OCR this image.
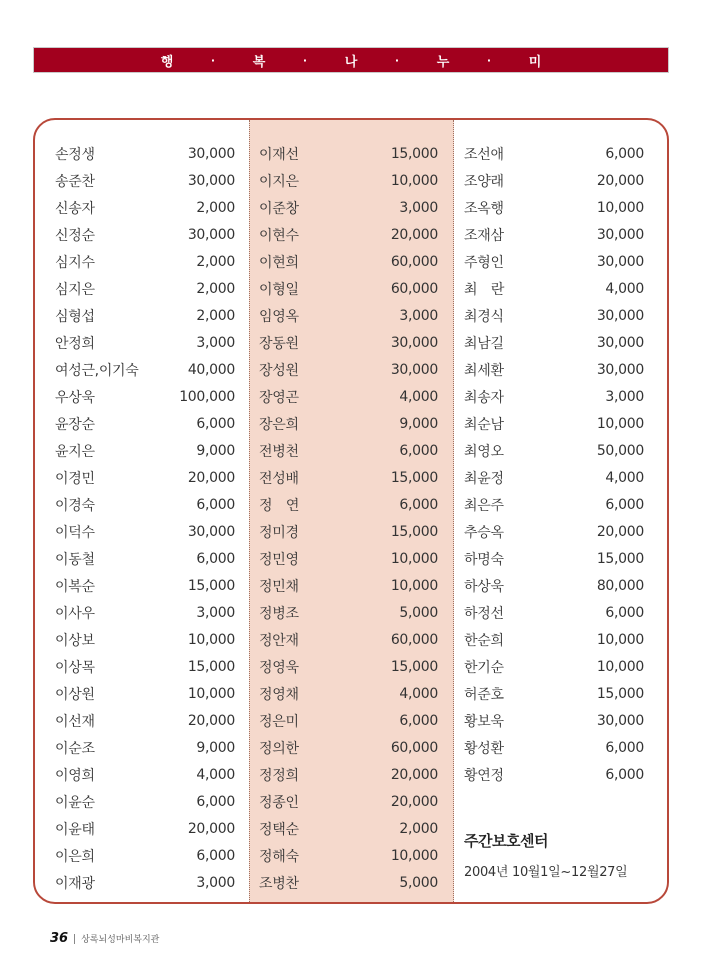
행	·	복	·	나	·	누	·	미
손정생	30,000
송준찬	30,000
신송자	2,000
신정순	30,000
심지수	2,000
심지은	2,000
심형섭	2,000
안정희	3,000
여성근,이기숙	40,000
우상욱	100,000
윤장순	6,000
윤지은	9,000
이경민	20,000
이경숙	6,000
이덕수	30,000
이동철	6,000
이복순	15,000
이사우	3,000
이상보	10,000
이상목	15,000
이상원	10,000
이선재	20,000
이순조	9,000
이영희	4,000
이윤순	6,000
이윤태	20,000
이은희	6,000
이재광	3,000
이재선	15,000
이지은	10,000
이준창	3,000
이현수	20,000
이현희	60,000
이형일	60,000
임영옥	3,000
장동원	30,000
장성원	30,000
장영곤	4,000
장은희	9,000
전병천	6,000
전성배	15,000
정　연	6,000
정미경	15,000
정민영	10,000
정민채	10,000
정병조	5,000
정안재	60,000
정영욱	15,000
정영채	4,000
정은미	6,000
정의한	60,000
정정희	20,000
정종인	20,000
정택순	2,000
정해숙	10,000
조병찬	5,000
조선애	6,000
조양래	20,000
조옥행	10,000
조재삼	30,000
주형인	30,000
최　란	4,000
최경식	30,000
최남길	30,000
최세환	30,000
최송자	3,000
최순남	10,000
최영오	50,000
최윤정	4,000
최은주	6,000
추승옥	20,000
하명숙	15,000
하상욱	80,000
하정선	6,000
한순희	10,000
한기순	10,000
허준호	15,000
황보욱	30,000
황성환	6,000
황연정	6,000
주간보호센터
2004년 10월1일~12월27일
36 상록뇌성마비복지관
